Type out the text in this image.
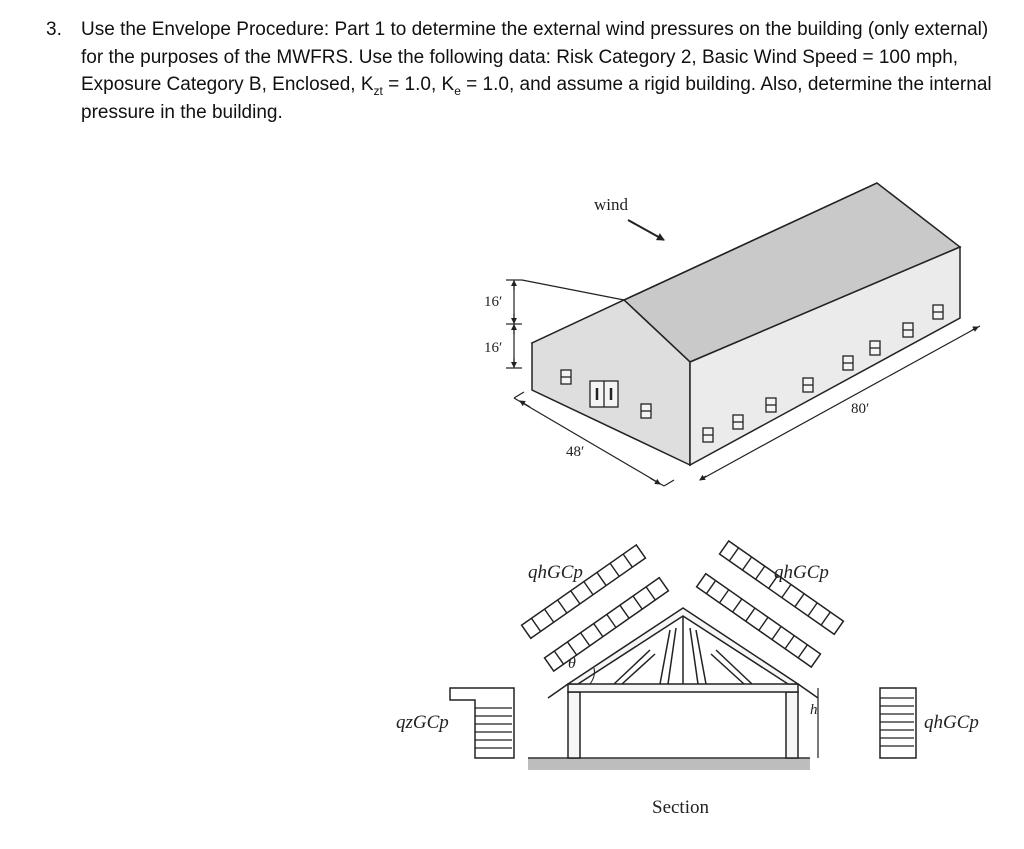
3. Use the Envelope Procedure: Part 1 to determine the external wind pressures on the building (only external) for the purposes of the MWFRS. Use the following data: Risk Category 2, Basic Wind Speed = 100 mph, Exposure Category B, Enclosed, $K_{zt} = 1.0$, $K_e = 1.0$, and assume a rigid building. Also, determine the internal pressure in the building.
wind
16′
16′
48′
80′
θ
h
qhGCp	qhGCp
qzGCp	qhGCp
Section
